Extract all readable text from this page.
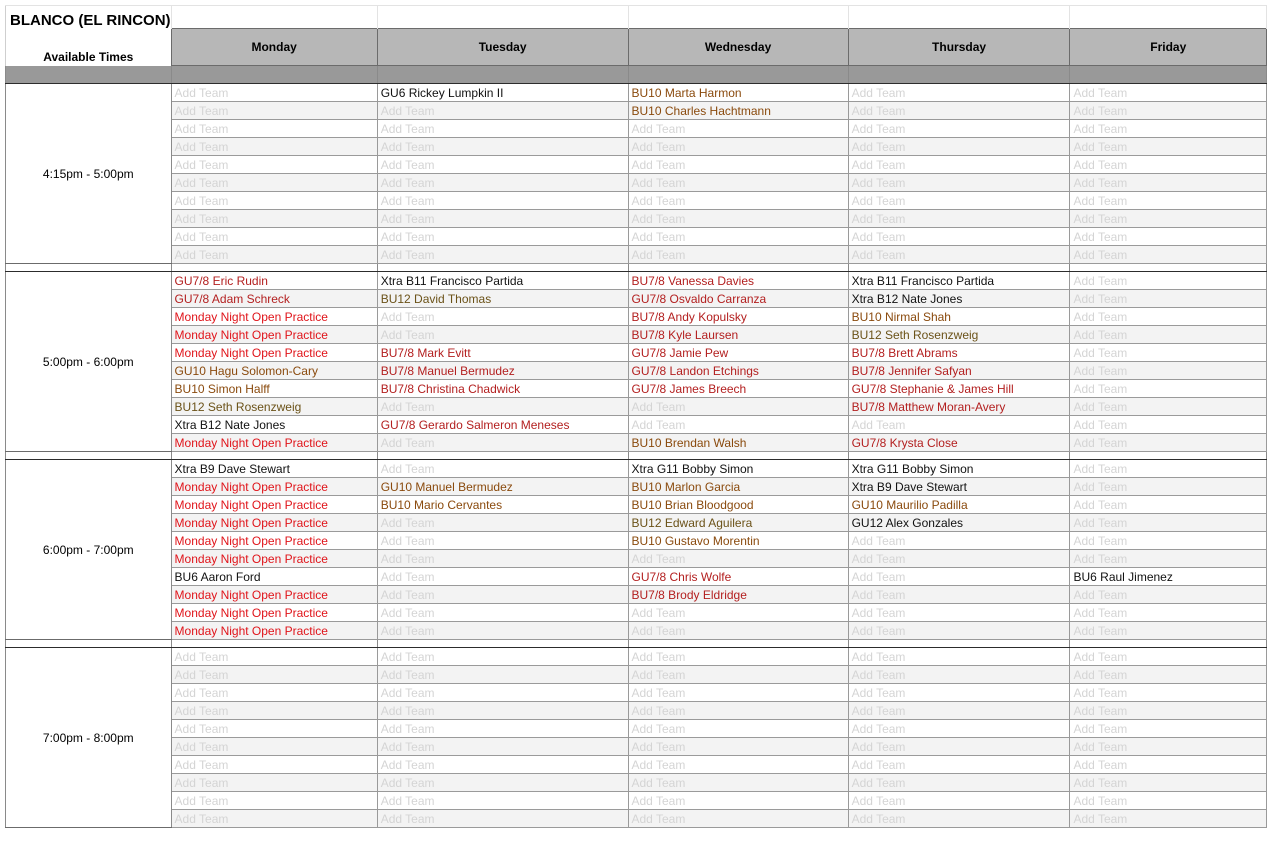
BLANCO (EL RINCON)					
Available Times	Monday	Tuesday	Wednesday	Thursday	Friday

4:15pm - 5:00pm	Add Team	GU6 Rickey Lumpkin II	BU10 Marta Harmon	Add Team	Add Team
	Add Team	Add Team	BU10 Charles Hachtmann	Add Team	Add Team
	Add Team	Add Team	Add Team	Add Team	Add Team
	Add Team	Add Team	Add Team	Add Team	Add Team
	Add Team	Add Team	Add Team	Add Team	Add Team
	Add Team	Add Team	Add Team	Add Team	Add Team
	Add Team	Add Team	Add Team	Add Team	Add Team
	Add Team	Add Team	Add Team	Add Team	Add Team
	Add Team	Add Team	Add Team	Add Team	Add Team
	Add Team	Add Team	Add Team	Add Team	Add Team

5:00pm - 6:00pm	GU7/8 Eric Rudin	Xtra B11 Francisco Partida	BU7/8 Vanessa Davies	Xtra B11 Francisco Partida	Add Team
	GU7/8 Adam Schreck	BU12 David Thomas	GU7/8 Osvaldo Carranza	Xtra B12 Nate Jones	Add Team
	Monday Night Open Practice	Add Team	BU7/8 Andy Kopulsky	BU10 Nirmal Shah	Add Team
	Monday Night Open Practice	Add Team	BU7/8 Kyle Laursen	BU12 Seth Rosenzweig	Add Team
	Monday Night Open Practice	BU7/8 Mark Evitt	GU7/8 Jamie Pew	BU7/8 Brett Abrams	Add Team
	GU10 Hagu Solomon-Cary	BU7/8 Manuel Bermudez	GU7/8 Landon Etchings	BU7/8 Jennifer Safyan	Add Team
	BU10 Simon Halff	BU7/8 Christina Chadwick	GU7/8 James Breech	GU7/8 Stephanie & James Hill	Add Team
	BU12 Seth Rosenzweig	Add Team	Add Team	BU7/8 Matthew Moran-Avery	Add Team
	Xtra B12 Nate Jones	GU7/8 Gerardo Salmeron Meneses	Add Team	Add Team	Add Team
	Monday Night Open Practice	Add Team	BU10 Brendan Walsh	GU7/8 Krysta Close	Add Team

6:00pm - 7:00pm	Xtra B9 Dave Stewart	Add Team	Xtra G11 Bobby Simon	Xtra G11 Bobby Simon	Add Team
	Monday Night Open Practice	GU10 Manuel Bermudez	BU10 Marlon Garcia	Xtra B9 Dave Stewart	Add Team
	Monday Night Open Practice	BU10 Mario Cervantes	BU10 Brian Bloodgood	GU10 Maurilio Padilla	Add Team
	Monday Night Open Practice	Add Team	BU12 Edward Aguilera	GU12 Alex Gonzales	Add Team
	Monday Night Open Practice	Add Team	BU10 Gustavo Morentin	Add Team	Add Team
	Monday Night Open Practice	Add Team	Add Team	Add Team	Add Team
	BU6 Aaron Ford	Add Team	GU7/8 Chris Wolfe	Add Team	BU6 Raul Jimenez
	Monday Night Open Practice	Add Team	BU7/8 Brody Eldridge	Add Team	Add Team
	Monday Night Open Practice	Add Team	Add Team	Add Team	Add Team
	Monday Night Open Practice	Add Team	Add Team	Add Team	Add Team

7:00pm - 8:00pm	Add Team	Add Team	Add Team	Add Team	Add Team
	Add Team	Add Team	Add Team	Add Team	Add Team
	Add Team	Add Team	Add Team	Add Team	Add Team
	Add Team	Add Team	Add Team	Add Team	Add Team
	Add Team	Add Team	Add Team	Add Team	Add Team
	Add Team	Add Team	Add Team	Add Team	Add Team
	Add Team	Add Team	Add Team	Add Team	Add Team
	Add Team	Add Team	Add Team	Add Team	Add Team
	Add Team	Add Team	Add Team	Add Team	Add Team
	Add Team	Add Team	Add Team	Add Team	Add Team
